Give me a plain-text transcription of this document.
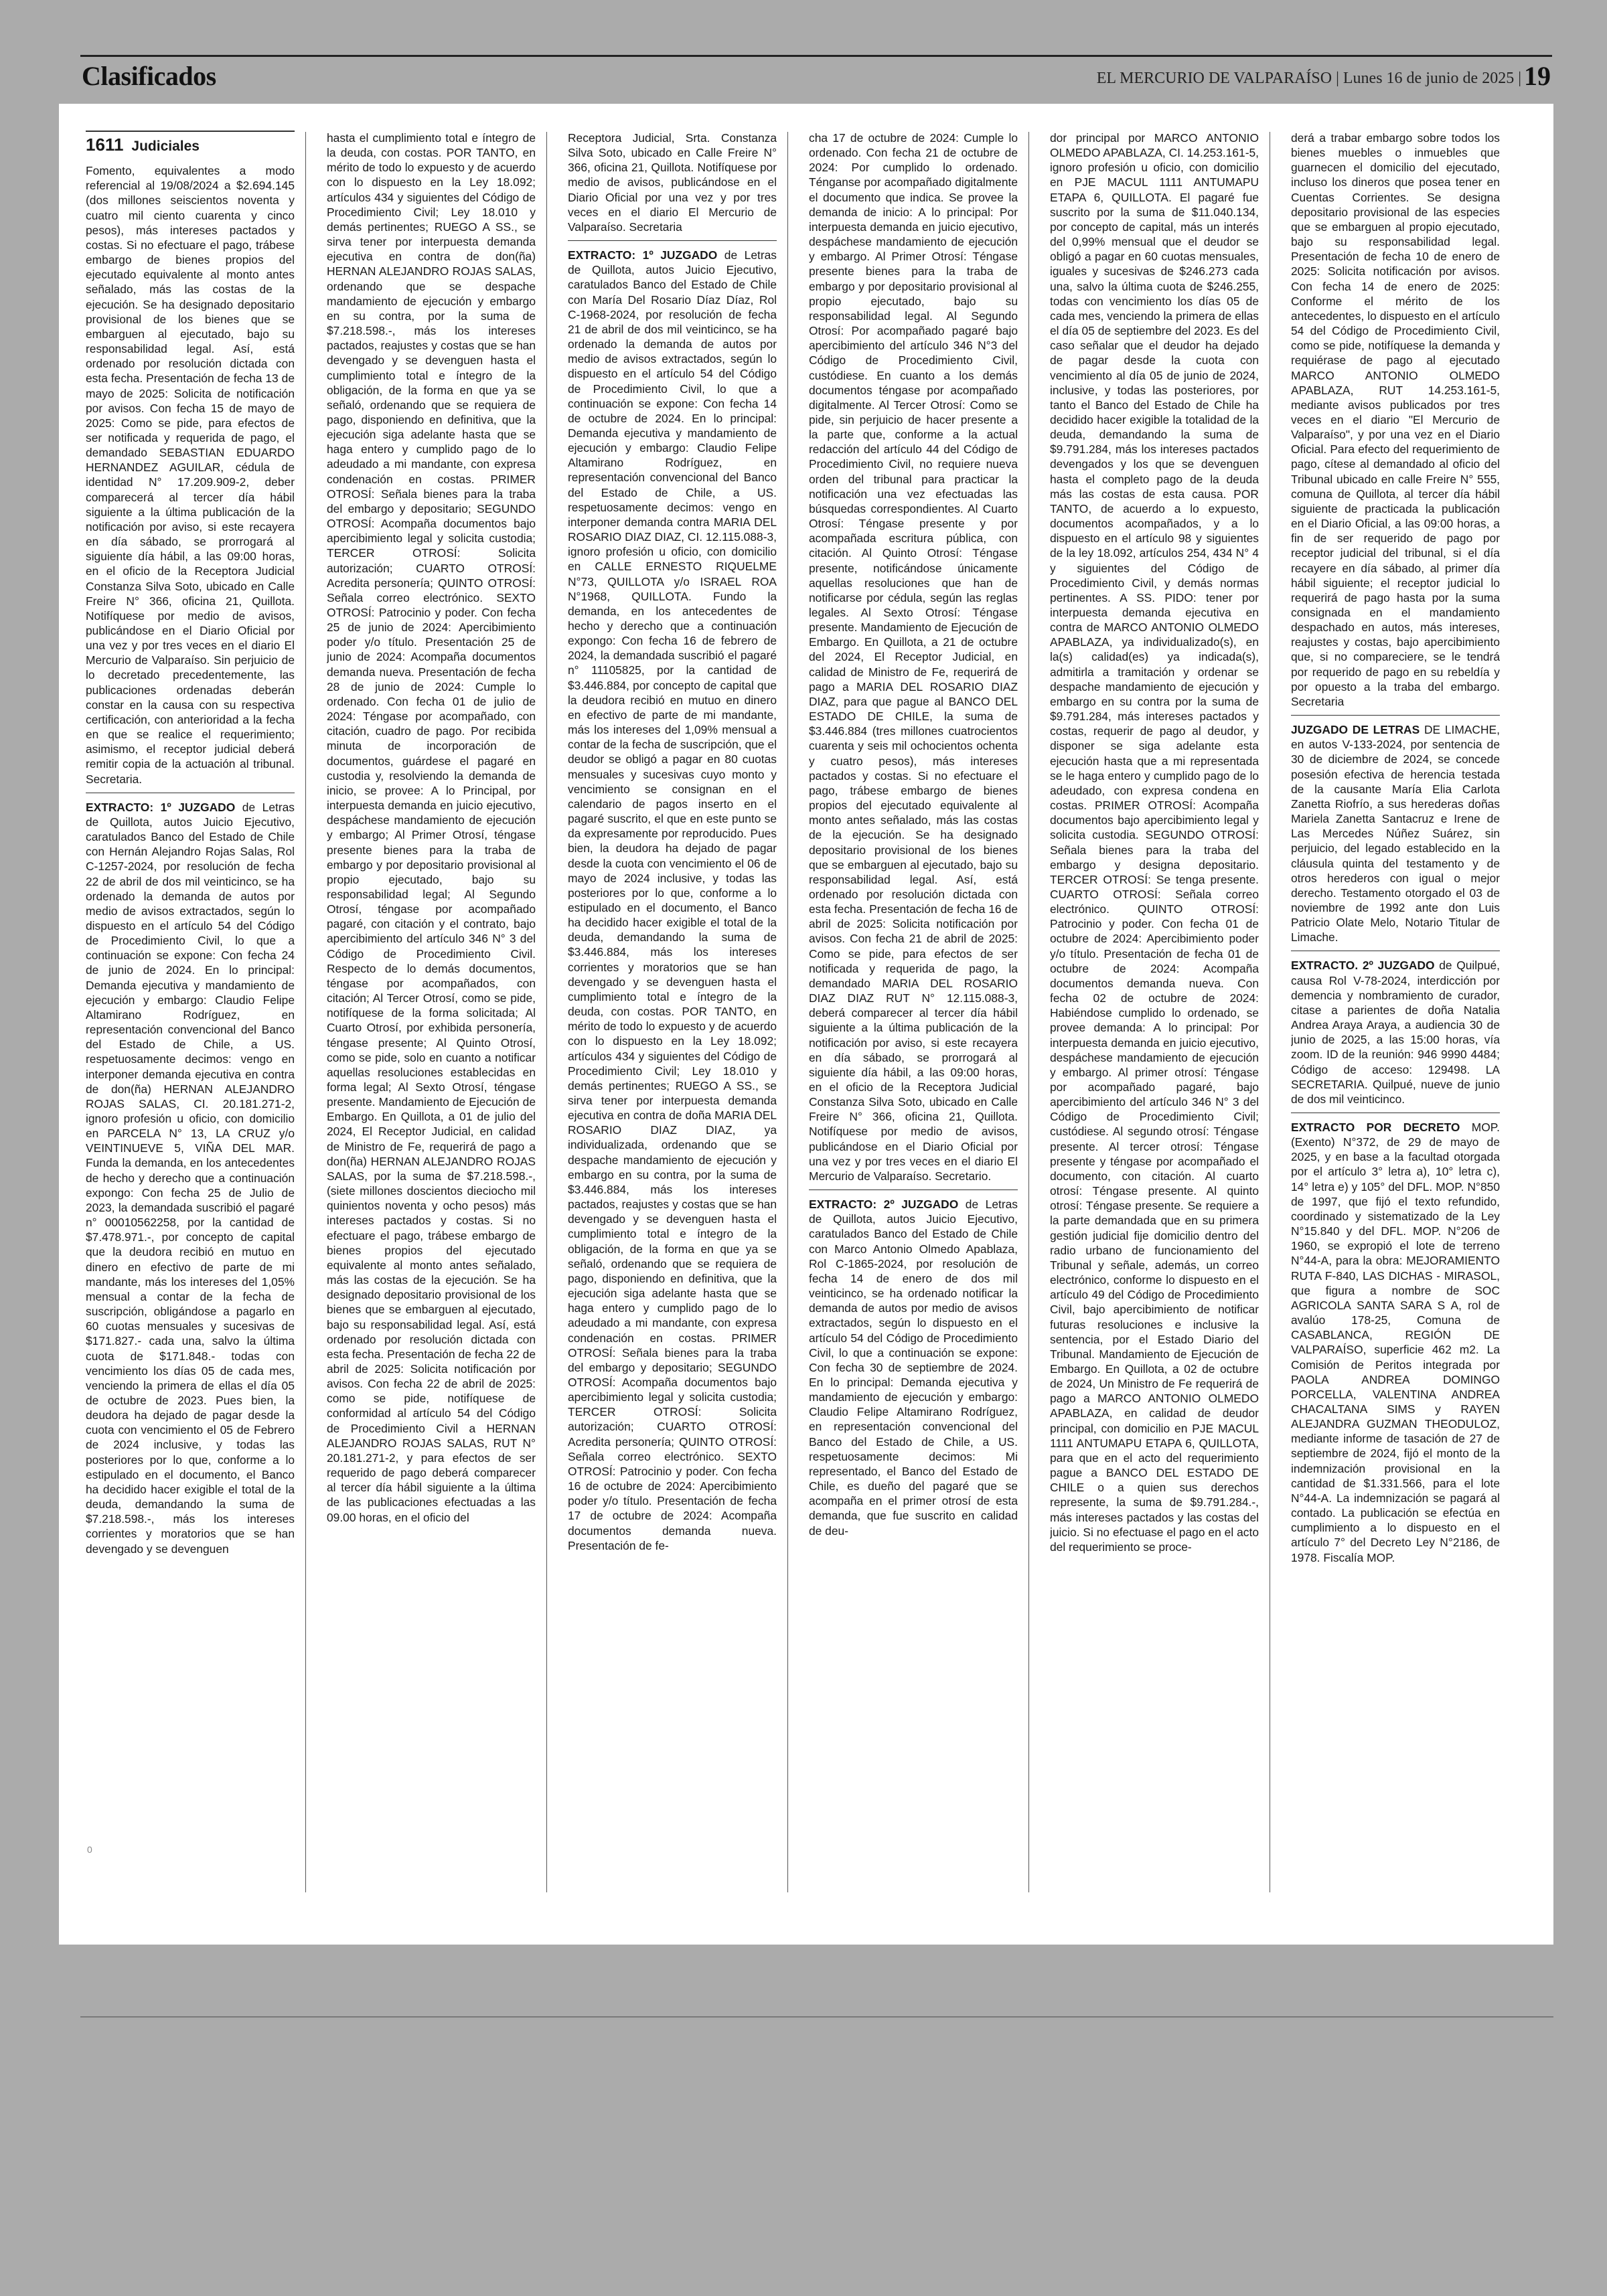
Clasificados	EL MERCURIO DE VALPARAÍSO | Lunes 16 de junio de 2025 | 19
1611 Judiciales

Fomento, equivalentes a modo referencial al 19/08/2024 a $2.694.145 (dos millones seiscientos noventa y cuatro mil ciento cuarenta y cinco pesos), más intereses pactados y costas. Si no efectuare el pago, trábese embargo de bienes propios del ejecutado equivalente al monto antes señalado, más las costas de la ejecución. Se ha designado depositario provisional de los bienes que se embarguen al ejecutado, bajo su responsabilidad legal. Así, está ordenado por resolución dictada con esta fecha. Presentación de fecha 13 de mayo de 2025: Solicita de notificación por avisos. Con fecha 15 de mayo de 2025: Como se pide, para efectos de ser notificada y requerida de pago, el demandado SEBASTIAN EDUARDO HERNANDEZ AGUILAR, cédula de identidad N° 17.209.909-2, deber comparecerá al tercer día hábil siguiente a la última publicación de la notificación por aviso, si este recayera en día sábado, se prorrogará al siguiente día hábil, a las 09:00 horas, en el oficio de la Receptora Judicial Constanza Silva Soto, ubicado en Calle Freire N° 366, oficina 21, Quillota. Notifíquese por medio de avisos, publicándose en el Diario Oficial por una vez y por tres veces en el diario El Mercurio de Valparaíso. Sin perjuicio de lo decretado precedentemente, las publicaciones ordenadas deberán constar en la causa con su respectiva certificación, con anterioridad a la fecha en que se realice el requerimiento; asimismo, el receptor judicial deberá remitir copia de la actuación al tribunal. Secretaria.

EXTRACTO: 1º JUZGADO de Letras de Quillota, autos Juicio Ejecutivo, caratulados Banco del Estado de Chile con Hernán Alejandro Rojas Salas, Rol C-1257-2024, por resolución de fecha 22 de abril de dos mil veinticinco, se ha ordenado la demanda de autos por medio de avisos extractados, según lo dispuesto en el artículo 54 del Código de Procedimiento Civil, lo que a continuación se expone: Con fecha 24 de junio de 2024. En lo principal: Demanda ejecutiva y mandamiento de ejecución y embargo: Claudio Felipe Altamirano Rodríguez, en representación convencional del Banco del Estado de Chile, a US. respetuosamente decimos: vengo en interponer demanda ejecutiva en contra de don(ña) HERNAN ALEJANDRO ROJAS SALAS, CI. 20.181.271-2, ignoro profesión u oficio, con domicilio en PARCELA N° 13, LA CRUZ y/o VEINTINUEVE 5, VIÑA DEL MAR. Funda la demanda, en los antecedentes de hecho y derecho que a continuación expongo: Con fecha 25 de Julio de 2023, la demandada suscribió el pagaré n° 00010562258, por la cantidad de $7.478.971.-, por concepto de capital que la deudora recibió en mutuo en dinero en efectivo de parte de mi mandante, más los intereses del 1,05% mensual a contar de la fecha de suscripción, obligándose a pagarlo en 60 cuotas mensuales y sucesivas de $171.827.- cada una, salvo la última cuota de $171.848.- todas con vencimiento los días 05 de cada mes, venciendo la primera de ellas el día 05 de octubre de 2023. Pues bien, la deudora ha dejado de pagar desde la cuota con vencimiento el 05 de Febrero de 2024 inclusive, y todas las posteriores por lo que, conforme a lo estipulado en el documento, el Banco ha decidido hacer exigible el total de la deuda, demandando la suma de $7.218.598.-, más los intereses corrientes y moratorios que se han devengado y se devenguen

hasta el cumplimiento total e íntegro de la deuda, con costas. POR TANTO, en mérito de todo lo expuesto y de acuerdo con lo dispuesto en la Ley 18.092; artículos 434 y siguientes del Código de Procedimiento Civil; Ley 18.010 y demás pertinentes; RUEGO A SS., se sirva tener por interpuesta demanda ejecutiva en contra de don(ña) HERNAN ALEJANDRO ROJAS SALAS, ordenando que se despache mandamiento de ejecución y embargo en su contra, por la suma de $7.218.598.-, más los intereses pactados, reajustes y costas que se han devengado y se devenguen hasta el cumplimiento total e íntegro de la obligación, de la forma en que ya se señaló, ordenando que se requiera de pago, disponiendo en definitiva, que la ejecución siga adelante hasta que se haga entero y cumplido pago de lo adeudado a mi mandante, con expresa condenación en costas. PRIMER OTROSÍ: Señala bienes para la traba del embargo y depositario; SEGUNDO OTROSÍ: Acompaña documentos bajo apercibimiento legal y solicita custodia; TERCER OTROSÍ: Solicita autorización; CUARTO OTROSÍ: Acredita personería; QUINTO OTROSÍ: Señala correo electrónico. SEXTO OTROSÍ: Patrocinio y poder. Con fecha 25 de junio de 2024: Apercibimiento poder y/o título. Presentación 25 de junio de 2024: Acompaña documentos demanda nueva. Presentación de fecha 28 de junio de 2024: Cumple lo ordenado. Con fecha 01 de julio de 2024: Téngase por acompañado, con citación, cuadro de pago. Por recibida minuta de incorporación de documentos, guárdese el pagaré en custodia y, resolviendo la demanda de inicio, se provee: A lo Principal, por interpuesta demanda en juicio ejecutivo, despáchese mandamiento de ejecución y embargo; Al Primer Otrosí, téngase presente bienes para la traba de embargo y por depositario provisional al propio ejecutado, bajo su responsabilidad legal; Al Segundo Otrosí, téngase por acompañado pagaré, con citación y el contrato, bajo apercibimiento del artículo 346 N° 3 del Código de Procedimiento Civil. Respecto de lo demás documentos, téngase por acompañados, con citación; Al Tercer Otrosí, como se pide, notifíquese de la forma solicitada; Al Cuarto Otrosí, por exhibida personería, téngase presente; Al Quinto Otrosí, como se pide, solo en cuanto a notificar aquellas resoluciones establecidas en forma legal; Al Sexto Otrosí, téngase presente. Mandamiento de Ejecución de Embargo. En Quillota, a 01 de julio del 2024, El Receptor Judicial, en calidad de Ministro de Fe, requerirá de pago a don(ña) HERNAN ALEJANDRO ROJAS SALAS, por la suma de $7.218.598.-, (siete millones doscientos dieciocho mil quinientos noventa y ocho pesos) más intereses pactados y costas. Si no efectuare el pago, trábese embargo de bienes propios del ejecutado equivalente al monto antes señalado, más las costas de la ejecución. Se ha designado depositario provisional de los bienes que se embarguen al ejecutado, bajo su responsabilidad legal. Así, está ordenado por resolución dictada con esta fecha. Presentación de fecha 22 de abril de 2025: Solicita notificación por avisos. Con fecha 22 de abril de 2025: como se pide, notifíquese de conformidad al artículo 54 del Código de Procedimiento Civil a HERNAN ALEJANDRO ROJAS SALAS, RUT N° 20.181.271-2, y para efectos de ser requerido de pago deberá comparecer al tercer día hábil siguiente a la última de las publicaciones efectuadas a las 09.00 horas, en el oficio del

Receptora Judicial, Srta. Constanza Silva Soto, ubicado en Calle Freire N° 366, oficina 21, Quillota. Notifíquese por medio de avisos, publicándose en el Diario Oficial por una vez y por tres veces en el diario El Mercurio de Valparaíso. Secretaria

EXTRACTO: 1º JUZGADO de Letras de Quillota, autos Juicio Ejecutivo, caratulados Banco del Estado de Chile con María Del Rosario Díaz Díaz, Rol C-1968-2024, por resolución de fecha 21 de abril de dos mil veinticinco, se ha ordenado la demanda de autos por medio de avisos extractados, según lo dispuesto en el artículo 54 del Código de Procedimiento Civil, lo que a continuación se expone: Con fecha 14 de octubre de 2024. En lo principal: Demanda ejecutiva y mandamiento de ejecución y embargo: Claudio Felipe Altamirano Rodríguez, en representación convencional del Banco del Estado de Chile, a US. respetuosamente decimos: vengo en interponer demanda contra MARIA DEL ROSARIO DIAZ DIAZ, CI. 12.115.088-3, ignoro profesión u oficio, con domicilio en CALLE ERNESTO RIQUELME N°73, QUILLOTA y/o ISRAEL ROA N°1968, QUILLOTA. Fundo la demanda, en los antecedentes de hecho y derecho que a continuación expongo: Con fecha 16 de febrero de 2024, la demandada suscribió el pagaré n° 11105825, por la cantidad de $3.446.884, por concepto de capital que la deudora recibió en mutuo en dinero en efectivo de parte de mi mandante, más los intereses del 1,09% mensual a contar de la fecha de suscripción, que el deudor se obligó a pagar en 80 cuotas mensuales y sucesivas cuyo monto y vencimiento se consignan en el calendario de pagos inserto en el pagaré suscrito, el que en este punto se da expresamente por reproducido. Pues bien, la deudora ha dejado de pagar desde la cuota con vencimiento el 06 de mayo de 2024 inclusive, y todas las posteriores por lo que, conforme a lo estipulado en el documento, el Banco ha decidido hacer exigible el total de la deuda, demandando la suma de $3.446.884, más los intereses corrientes y moratorios que se han devengado y se devenguen hasta el cumplimiento total e íntegro de la deuda, con costas. POR TANTO, en mérito de todo lo expuesto y de acuerdo con lo dispuesto en la Ley 18.092; artículos 434 y siguientes del Código de Procedimiento Civil; Ley 18.010 y demás pertinentes; RUEGO A SS., se sirva tener por interpuesta demanda ejecutiva en contra de doña MARIA DEL ROSARIO DIAZ DIAZ, ya individualizada, ordenando que se despache mandamiento de ejecución y embargo en su contra, por la suma de $3.446.884, más los intereses pactados, reajustes y costas que se han devengado y se devenguen hasta el cumplimiento total e íntegro de la obligación, de la forma en que ya se señaló, ordenando que se requiera de pago, disponiendo en definitiva, que la ejecución siga adelante hasta que se haga entero y cumplido pago de lo adeudado a mi mandante, con expresa condenación en costas. PRIMER OTROSÍ: Señala bienes para la traba del embargo y depositario; SEGUNDO OTROSÍ: Acompaña documentos bajo apercibimiento legal y solicita custodia; TERCER OTROSÍ: Solicita autorización; CUARTO OTROSÍ: Acredita personería; QUINTO OTROSÍ: Señala correo electrónico. SEXTO OTROSÍ: Patrocinio y poder. Con fecha 16 de octubre de 2024: Apercibimiento poder y/o título. Presentación de fecha 17 de octubre de 2024: Acompaña documentos demanda nueva. Presentación de fe-

cha 17 de octubre de 2024: Cumple lo ordenado. Con fecha 21 de octubre de 2024: Por cumplido lo ordenado. Ténganse por acompañado digitalmente el documento que indica. Se provee la demanda de inicio: A lo principal: Por interpuesta demanda en juicio ejecutivo, despáchese mandamiento de ejecución y embargo. Al Primer Otrosí: Téngase presente bienes para la traba de embargo y por depositario provisional al propio ejecutado, bajo su responsabilidad legal. Al Segundo Otrosí: Por acompañado pagaré bajo apercibimiento del artículo 346 N°3 del Código de Procedimiento Civil, custódiese. En cuanto a los demás documentos téngase por acompañado digitalmente. Al Tercer Otrosí: Como se pide, sin perjuicio de hacer presente a la parte que, conforme a la actual redacción del artículo 44 del Código de Procedimiento Civil, no requiere nueva orden del tribunal para practicar la notificación una vez efectuadas las búsquedas correspondientes. Al Cuarto Otrosí: Téngase presente y por acompañada escritura pública, con citación. Al Quinto Otrosí: Téngase presente, notificándose únicamente aquellas resoluciones que han de notificarse por cédula, según las reglas legales. Al Sexto Otrosí: Téngase presente. Mandamiento de Ejecución de Embargo. En Quillota, a 21 de octubre del 2024, El Receptor Judicial, en calidad de Ministro de Fe, requerirá de pago a MARIA DEL ROSARIO DIAZ DIAZ, para que pague al BANCO DEL ESTADO DE CHILE, la suma de $3.446.884 (tres millones cuatrocientos cuarenta y seis mil ochocientos ochenta y cuatro pesos), más intereses pactados y costas. Si no efectuare el pago, trábese embargo de bienes propios del ejecutado equivalente al monto antes señalado, más las costas de la ejecución. Se ha designado depositario provisional de los bienes que se embarguen al ejecutado, bajo su responsabilidad legal. Así, está ordenado por resolución dictada con esta fecha. Presentación de fecha 16 de abril de 2025: Solicita notificación por avisos. Con fecha 21 de abril de 2025: Como se pide, para efectos de ser notificada y requerida de pago, la demandado MARIA DEL ROSARIO DIAZ DIAZ RUT N° 12.115.088-3, deberá comparecer al tercer día hábil siguiente a la última publicación de la notificación por aviso, si este recayera en día sábado, se prorrogará al siguiente día hábil, a las 09:00 horas, en el oficio de la Receptora Judicial Constanza Silva Soto, ubicado en Calle Freire N° 366, oficina 21, Quillota. Notifíquese por medio de avisos, publicándose en el Diario Oficial por una vez y por tres veces en el diario El Mercurio de Valparaíso. Secretario.

EXTRACTO: 2º JUZGADO de Letras de Quillota, autos Juicio Ejecutivo, caratulados Banco del Estado de Chile con Marco Antonio Olmedo Apablaza, Rol C-1865-2024, por resolución de fecha 14 de enero de dos mil veinticinco, se ha ordenado notificar la demanda de autos por medio de avisos extractados, según lo dispuesto en el artículo 54 del Código de Procedimiento Civil, lo que a continuación se expone: Con fecha 30 de septiembre de 2024. En lo principal: Demanda ejecutiva y mandamiento de ejecución y embargo: Claudio Felipe Altamirano Rodríguez, en representación convencional del Banco del Estado de Chile, a US. respetuosamente decimos: Mi representado, el Banco del Estado de Chile, es dueño del pagaré que se acompaña en el primer otrosí de esta demanda, que fue suscrito en calidad de deu-

dor principal por MARCO ANTONIO OLMEDO APABLAZA, CI. 14.253.161-5, ignoro profesión u oficio, con domicilio en PJE MACUL 1111 ANTUMAPU ETAPA 6, QUILLOTA. El pagaré fue suscrito por la suma de $11.040.134, por concepto de capital, más un interés del 0,99% mensual que el deudor se obligó a pagar en 60 cuotas mensuales, iguales y sucesivas de $246.273 cada una, salvo la última cuota de $246.255, todas con vencimiento los días 05 de cada mes, venciendo la primera de ellas el día 05 de septiembre del 2023. Es del caso señalar que el deudor ha dejado de pagar desde la cuota con vencimiento al día 05 de junio de 2024, inclusive, y todas las posteriores, por tanto el Banco del Estado de Chile ha decidido hacer exigible la totalidad de la deuda, demandando la suma de $9.791.284, más los intereses pactados devengados y los que se devenguen hasta el completo pago de la deuda más las costas de esta causa. POR TANTO, de acuerdo a lo expuesto, documentos acompañados, y a lo dispuesto en el artículo 98 y siguientes de la ley 18.092, artículos 254, 434 N° 4 y siguientes del Código de Procedimiento Civil, y demás normas pertinentes. A SS. PIDO: tener por interpuesta demanda ejecutiva en contra de MARCO ANTONIO OLMEDO APABLAZA, ya individualizado(s), en la(s) calidad(es) ya indicada(s), admitirla a tramitación y ordenar se despache mandamiento de ejecución y embargo en su contra por la suma de $9.791.284, más intereses pactados y costas, requerir de pago al deudor, y disponer se siga adelante esta ejecución hasta que a mi representada se le haga entero y cumplido pago de lo adeudado, con expresa condena en costas. PRIMER OTROSÍ: Acompaña documentos bajo apercibimiento legal y solicita custodia. SEGUNDO OTROSÍ: Señala bienes para la traba del embargo y designa depositario. TERCER OTROSÍ: Se tenga presente. CUARTO OTROSÍ: Señala correo electrónico. QUINTO OTROSÍ: Patrocinio y poder. Con fecha 01 de octubre de 2024: Apercibimiento poder y/o título. Presentación de fecha 01 de octubre de 2024: Acompaña documentos demanda nueva. Con fecha 02 de octubre de 2024: Habiéndose cumplido lo ordenado, se provee demanda: A lo principal: Por interpuesta demanda en juicio ejecutivo, despáchese mandamiento de ejecución y embargo. Al primer otrosí: Téngase por acompañado pagaré, bajo apercibimiento del artículo 346 N° 3 del Código de Procedimiento Civil; custódiese. Al segundo otrosí: Téngase presente. Al tercer otrosí: Téngase presente y téngase por acompañado el documento, con citación. Al cuarto otrosí: Téngase presente. Al quinto otrosí: Téngase presente. Se requiere a la parte demandada que en su primera gestión judicial fije domicilio dentro del radio urbano de funcionamiento del Tribunal y señale, además, un correo electrónico, conforme lo dispuesto en el artículo 49 del Código de Procedimiento Civil, bajo apercibimiento de notificar futuras resoluciones e inclusive la sentencia, por el Estado Diario del Tribunal. Mandamiento de Ejecución de Embargo. En Quillota, a 02 de octubre de 2024, Un Ministro de Fe requerirá de pago a MARCO ANTONIO OLMEDO APABLAZA, en calidad de deudor principal, con domicilio en PJE MACUL 1111 ANTUMAPU ETAPA 6, QUILLOTA, para que en el acto del requerimiento pague a BANCO DEL ESTADO DE CHILE o a quien sus derechos represente, la suma de $9.791.284.-, más intereses pactados y las costas del juicio. Si no efectuase el pago en el acto del requerimiento se proce-

derá a trabar embargo sobre todos los bienes muebles o inmuebles que guarnecen el domicilio del ejecutado, incluso los dineros que posea tener en Cuentas Corrientes. Se designa depositario provisional de las especies que se embarguen al propio ejecutado, bajo su responsabilidad legal. Presentación de fecha 10 de enero de 2025: Solicita notificación por avisos. Con fecha 14 de enero de 2025: Conforme el mérito de los antecedentes, lo dispuesto en el artículo 54 del Código de Procedimiento Civil, como se pide, notifíquese la demanda y requiérase de pago al ejecutado MARCO ANTONIO OLMEDO APABLAZA, RUT 14.253.161-5, mediante avisos publicados por tres veces en el diario "El Mercurio de Valparaíso", y por una vez en el Diario Oficial. Para efecto del requerimiento de pago, cítese al demandado al oficio del Tribunal ubicado en calle Freire N° 555, comuna de Quillota, al tercer día hábil siguiente de practicada la publicación en el Diario Oficial, a las 09:00 horas, a fin de ser requerido de pago por receptor judicial del tribunal, si el día recayere en día sábado, al primer día hábil siguiente; el receptor judicial lo requerirá de pago hasta por la suma consignada en el mandamiento despachado en autos, más intereses, reajustes y costas, bajo apercibimiento que, si no compareciere, se le tendrá por requerido de pago en su rebeldía y por opuesto a la traba del embargo. Secretaria

JUZGADO DE LETRAS DE LIMACHE, en autos V-133-2024, por sentencia de 30 de diciembre de 2024, se concede posesión efectiva de herencia testada de la causante María Elia Carlota Zanetta Riofrío, a sus herederas doñas Mariela Zanetta Santacruz e Irene de Las Mercedes Núñez Suárez, sin perjuicio, del legado establecido en la cláusula quinta del testamento y de otros herederos con igual o mejor derecho. Testamento otorgado el 03 de noviembre de 1992 ante don Luis Patricio Olate Melo, Notario Titular de Limache.

EXTRACTO. 2º JUZGADO de Quilpué, causa Rol V-78-2024, interdicción por demencia y nombramiento de curador, citase a parientes de doña Natalia Andrea Araya Araya, a audiencia 30 de junio de 2025, a las 15:00 horas, vía zoom. ID de la reunión: 946 9990 4484; Código de acceso: 129498. LA SECRETARIA. Quilpué, nueve de junio de dos mil veinticinco.

EXTRACTO POR DECRETO MOP. (Exento) N°372, de 29 de mayo de 2025, y en base a la facultad otorgada por el artículo 3° letra a), 10° letra c), 14° letra e) y 105° del DFL. MOP. N°850 de 1997, que fijó el texto refundido, coordinado y sistematizado de la Ley N°15.840 y del DFL. MOP. N°206 de 1960, se expropió el lote de terreno N°44-A, para la obra: MEJORAMIENTO RUTA F-840, LAS DICHAS - MIRASOL, que figura a nombre de SOC AGRICOLA SANTA SARA S A, rol de avalúo 178-25, Comuna de CASABLANCA, REGIÓN DE VALPARAÍSO, superficie 462 m2. La Comisión de Peritos integrada por PAOLA ANDREA DOMINGO PORCELLA, VALENTINA ANDREA CHACALTANA SIMS y RAYEN ALEJANDRA GUZMAN THEODULOZ, mediante informe de tasación de 27 de septiembre de 2024, fijó el monto de la indemnización provisional en la cantidad de $1.331.566, para el lote N°44-A. La indemnización se pagará al contado. La publicación se efectúa en cumplimiento a lo dispuesto en el artículo 7° del Decreto Ley N°2186, de 1978. Fiscalía MOP.

0
